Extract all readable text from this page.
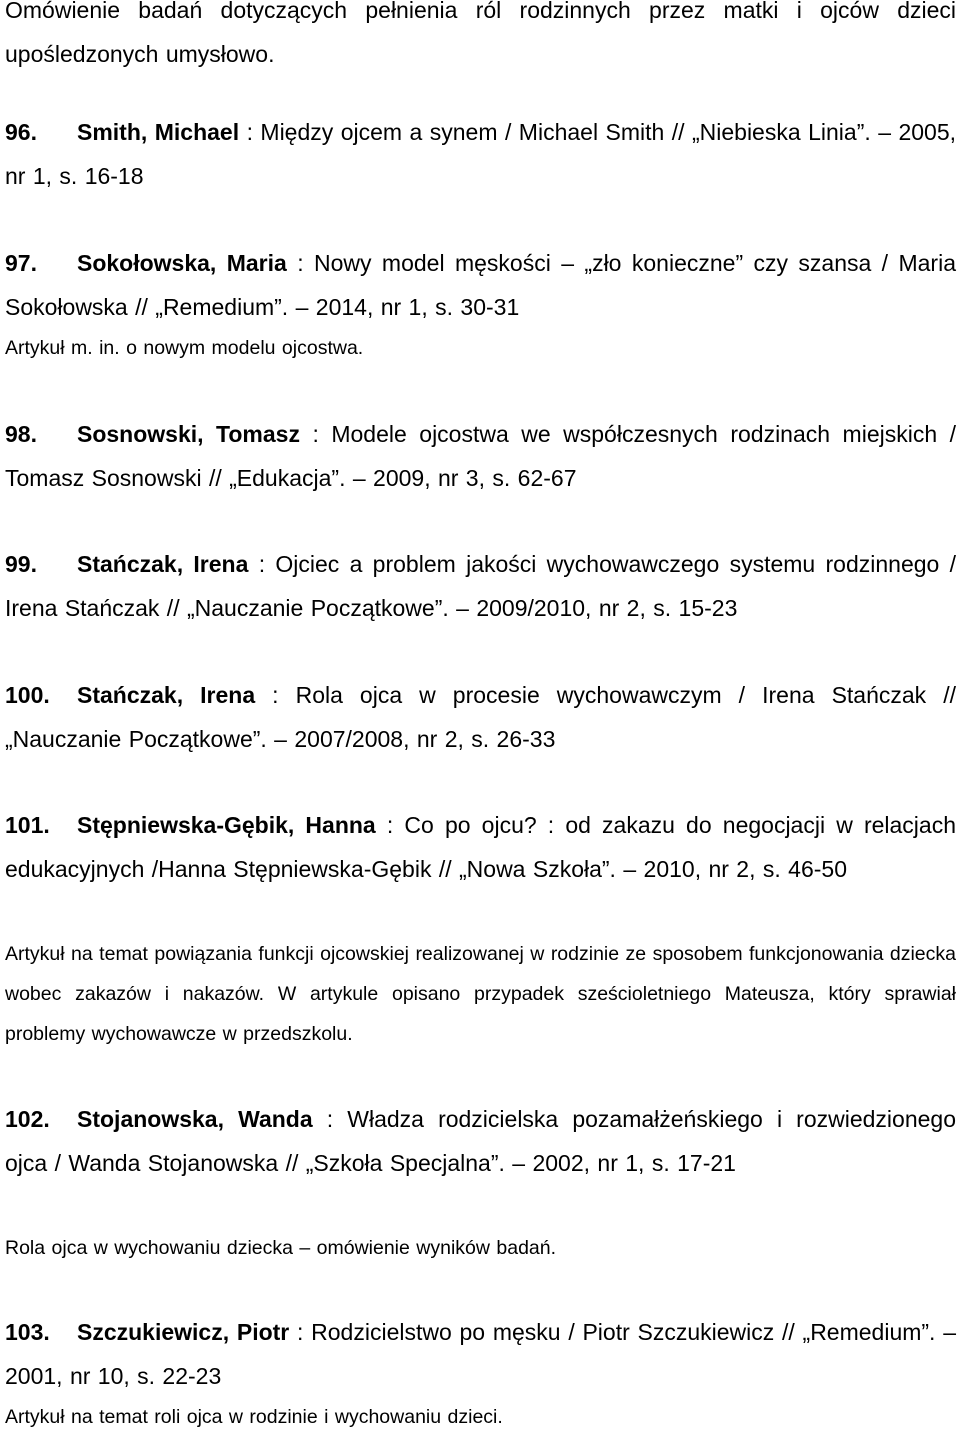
Omówienie badań dotyczących pełnienia ról rodzinnych przez matki i ojców dzieci upośledzonych umysłowo.

96. Smith, Michael : Między ojcem a synem / Michael Smith // „Niebieska Linia”. – 2005, nr 1, s. 16-18

97. Sokołowska, Maria : Nowy model męskości – „zło konieczne” czy szansa / Maria Sokołowska // „Remedium”. – 2014, nr 1, s. 30-31

Artykuł m. in. o nowym modelu ojcostwa.

98. Sosnowski, Tomasz : Modele ojcostwa we współczesnych rodzinach miejskich / Tomasz Sosnowski // „Edukacja”. – 2009, nr 3, s. 62-67

99. Stańczak, Irena : Ojciec a problem jakości wychowawczego systemu rodzinnego / Irena Stańczak // „Nauczanie Początkowe”. – 2009/2010, nr 2, s. 15-23

100. Stańczak, Irena : Rola ojca w procesie wychowawczym / Irena Stańczak // „Nauczanie Początkowe”. – 2007/2008, nr 2, s. 26-33

101. Stępniewska-Gębik, Hanna : Co po ojcu? : od zakazu do negocjacji w relacjach edukacyjnych /Hanna Stępniewska-Gębik // „Nowa Szkoła”. – 2010, nr 2, s. 46-50

Artykuł na temat powiązania funkcji ojcowskiej realizowanej w rodzinie ze sposobem funkcjonowania dziecka wobec zakazów i nakazów. W artykule opisano przypadek sześcioletniego Mateusza, który sprawiał problemy wychowawcze w przedszkolu.

102. Stojanowska, Wanda : Władza rodzicielska pozamałżeńskiego i rozwiedzionego ojca / Wanda Stojanowska // „Szkoła Specjalna”. – 2002, nr 1, s. 17-21

Rola ojca w wychowaniu dziecka – omówienie wyników badań.

103. Szczukiewicz, Piotr : Rodzicielstwo po męsku / Piotr Szczukiewicz // „Remedium”. – 2001, nr 10, s. 22-23

Artykuł na temat roli ojca w rodzinie i wychowaniu dzieci.
